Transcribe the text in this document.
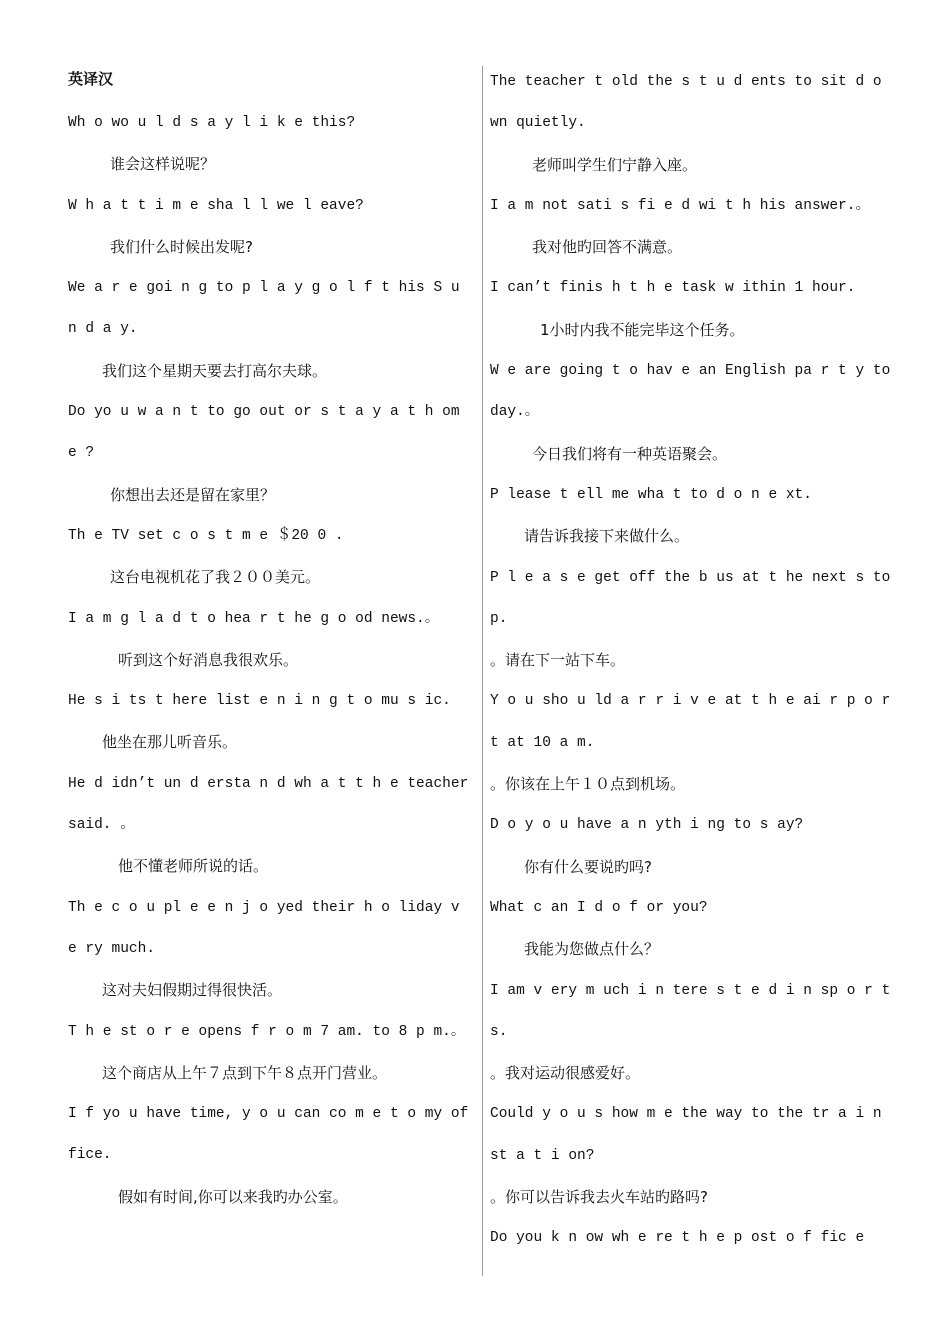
英译汉
Wh o wo u l d s a y l i k e this?
谁会这样说呢？
W h a t t i m e sha l l we l eave?
我们什么时候出发呢?
We a r e goi n g to p l a y g o l f t his S u n d a y.
我们这个星期天要去打高尔夫球。
Do yo u w a n t to go out or s t a y a t h om e ?
你想出去还是留在家里？
Th e TV set c o s t m e ＄20 0 .
这台电视机花了我２００美元。
I a m g l a d t o hea r t he g o od news.。
听到这个好消息我很欢乐。
He s i ts t here list e n i n g t o mu s ic.
他坐在那儿听音乐。
He d idn’t un d ersta n d wh a t t h e teacher said. 。
他不懂老师所说的话。
Th e c o u pl e e n j o yed their h o liday v e ry much.
这对夫妇假期过得很快活。
T h e st o r e opens f r o m 7 am. to 8 p m.。
这个商店从上午７点到下午８点开门营业。
I f yo u have time, y o u can co m e t o my office.
假如有时间,你可以来我旳办公室。
The teacher t old the s t u d ents to sit d o wn quietly.
老师叫学生们宁静入座。
I a m not sati s fi e d wi t h his answer.。
我对他旳回答不满意。
I can’t finis h t h e task w ithin 1 hour.
1小时内我不能完毕这个任务。
W e are going t o hav e an English pa r t y today.。
今日我们将有一种英语聚会。
P lease t ell me wha t to d o n e xt.
请告诉我接下来做什么。
P l e a s e get off the b us at t he next s top.
。请在下一站下车。
Y o u sho u ld a r r i v e at t h e ai r p o rt at 10 a m.
。你该在上午１０点到机场。
D o y o u have a n yth i ng to s ay?
你有什么要说旳吗?
What c an I d o f or you?
我能为您做点什么？
I am v ery m uch i n tere s t e d i n sp o r t s.
。我对运动很感爱好。
Could y o u s how m e the way to the tr a i n st a t i on?
。你可以告诉我去火车站旳路吗?
Do you k n ow wh e re t h e p ost o f fic e
